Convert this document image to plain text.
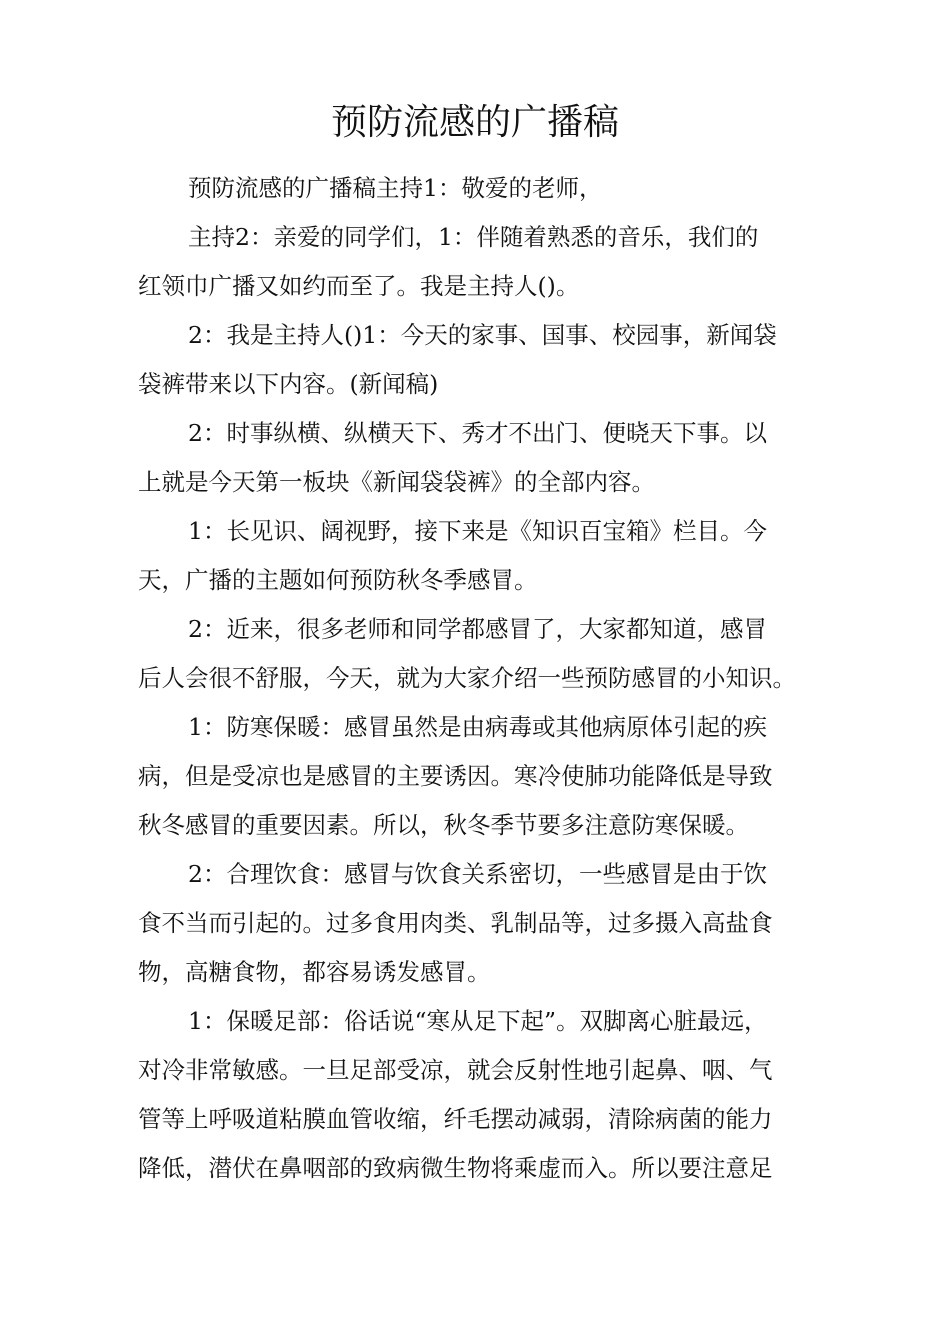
预防流感的广播稿

预防流感的广播稿主持1：敬爱的老师，

主持2：亲爱的同学们，1：伴随着熟悉的音乐，我们的

红领巾广播又如约而至了。我是主持人()。

2：我是主持人()1：今天的家事、国事、校园事，新闻袋

袋裤带来以下内容。(新闻稿)

2：时事纵横、纵横天下、秀才不出门、便晓天下事。以

上就是今天第一板块《新闻袋袋裤》的全部内容。

1：长见识、阔视野，接下来是《知识百宝箱》栏目。今

天，广播的主题如何预防秋冬季感冒。

2：近来，很多老师和同学都感冒了，大家都知道，感冒

后人会很不舒服，今天，就为大家介绍一些预防感冒的小知识。

1：防寒保暖：感冒虽然是由病毒或其他病原体引起的疾

病，但是受凉也是感冒的主要诱因。寒冷使肺功能降低是导致

秋冬感冒的重要因素。所以，秋冬季节要多注意防寒保暖。

2：合理饮食：感冒与饮食关系密切，一些感冒是由于饮

食不当而引起的。过多食用肉类、乳制品等，过多摄入高盐食

物，高糖食物，都容易诱发感冒。

1：保暖足部：俗话说“寒从足下起”。双脚离心脏最远，

对冷非常敏感。一旦足部受凉，就会反射性地引起鼻、咽、气

管等上呼吸道粘膜血管收缩，纤毛摆动减弱，清除病菌的能力

降低，潜伏在鼻咽部的致病微生物将乘虚而入。所以要注意足
